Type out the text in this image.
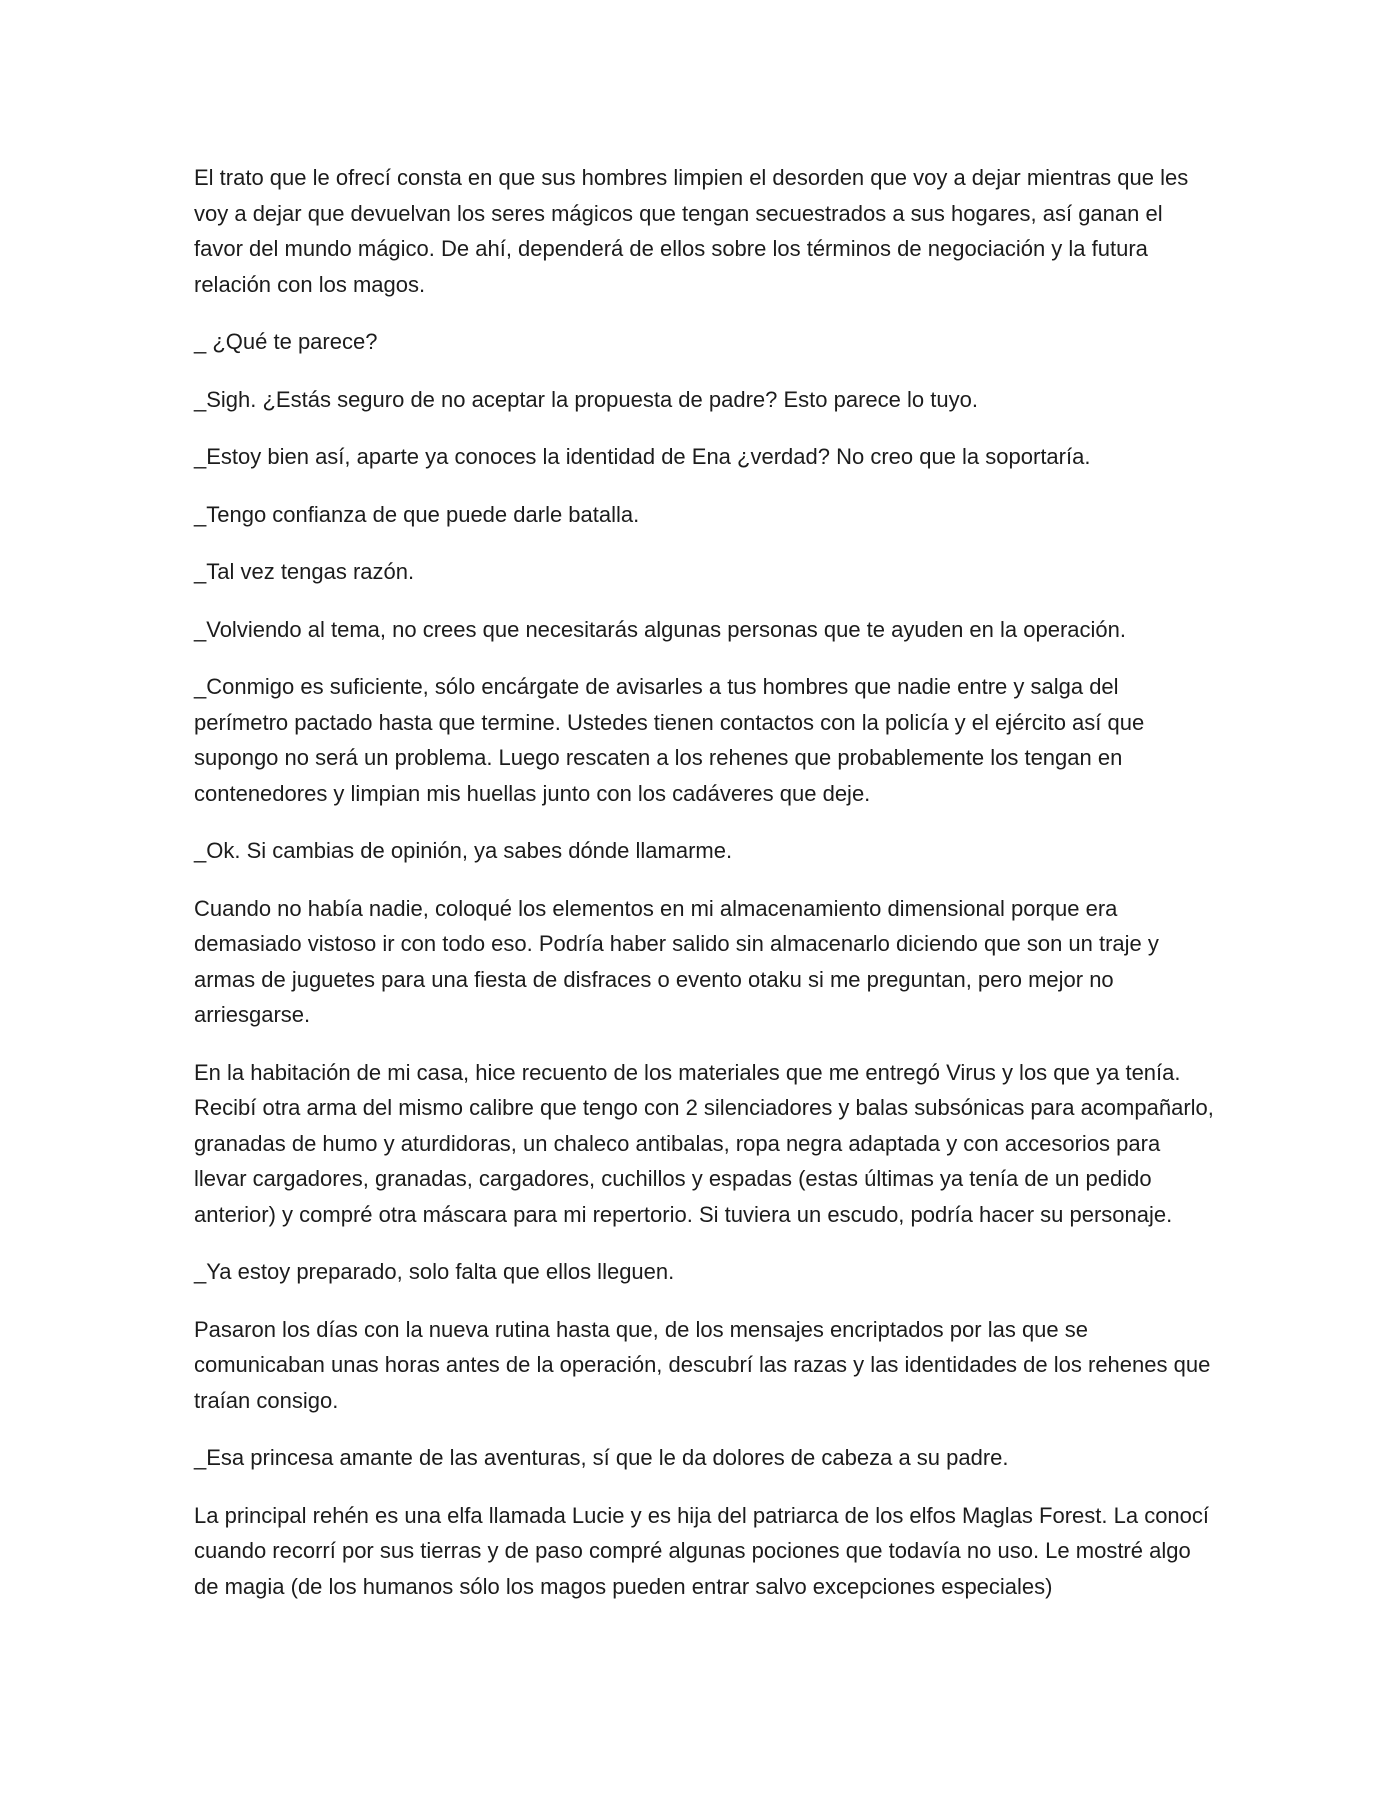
El trato que le ofrecí consta en que sus hombres limpien el desorden que voy a dejar mientras que les voy a dejar que devuelvan los seres mágicos que tengan secuestrados a sus hogares, así ganan el favor del mundo mágico. De ahí, dependerá de ellos sobre los términos de negociación y la futura relación con los magos.

_ ¿Qué te parece?

_Sigh. ¿Estás seguro de no aceptar la propuesta de padre? Esto parece lo tuyo.

_Estoy bien así, aparte ya conoces la identidad de Ena ¿verdad? No creo que la soportaría.

_Tengo confianza de que puede darle batalla.

_Tal vez tengas razón.

_Volviendo al tema, no crees que necesitarás algunas personas que te ayuden en la operación.

_Conmigo es suficiente, sólo encárgate de avisarles a tus hombres que nadie entre y salga del perímetro pactado hasta que termine. Ustedes tienen contactos con la policía y el ejército así que supongo no será un problema. Luego rescaten a los rehenes que probablemente los tengan en contenedores y limpian mis huellas junto con los cadáveres que deje.

_Ok. Si cambias de opinión, ya sabes dónde llamarme.

Cuando no había nadie, coloqué los elementos en mi almacenamiento dimensional porque era demasiado vistoso ir con todo eso. Podría haber salido sin almacenarlo diciendo que son un traje y armas de juguetes para una fiesta de disfraces o evento otaku si me preguntan, pero mejor no arriesgarse.

En la habitación de mi casa, hice recuento de los materiales que me entregó Virus y los que ya tenía. Recibí otra arma del mismo calibre que tengo con 2 silenciadores y balas subsónicas para acompañarlo, granadas de humo y aturdidoras, un chaleco antibalas, ropa negra adaptada y con accesorios para llevar cargadores, granadas, cargadores, cuchillos y espadas (estas últimas ya tenía de un pedido anterior) y compré otra máscara para mi repertorio. Si tuviera un escudo, podría hacer su personaje.

_Ya estoy preparado, solo falta que ellos lleguen.

Pasaron los días con la nueva rutina hasta que, de los mensajes encriptados por las que se comunicaban unas horas antes de la operación, descubrí las razas y las identidades de los rehenes que traían consigo.

_Esa princesa amante de las aventuras, sí que le da dolores de cabeza a su padre.

La principal rehén es una elfa llamada Lucie y es hija del patriarca de los elfos Maglas Forest. La conocí cuando recorrí por sus tierras y de paso compré algunas pociones que todavía no uso. Le mostré algo de magia (de los humanos sólo los magos pueden entrar salvo excepciones especiales)
